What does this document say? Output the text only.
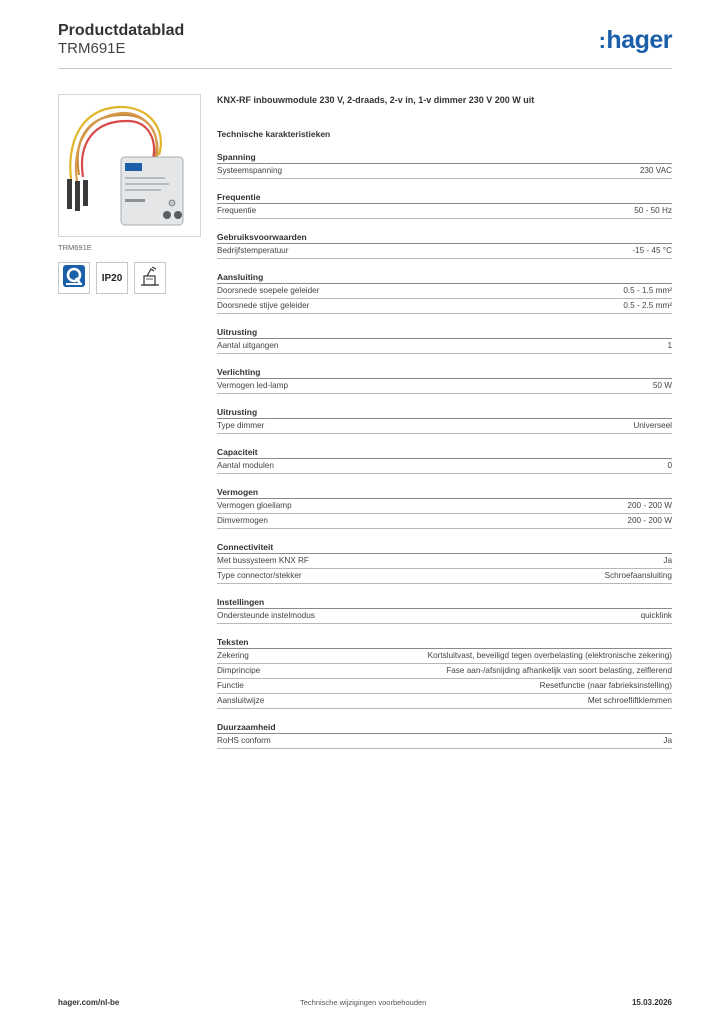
Productdatablad
TRM691E	:hager
TRM691E
IP20
KNX-RF inbouwmodule 230 V, 2-draads, 2-v in, 1-v dimmer 230 V 200 W uit
Technische karakteristieken
Spanning
Systeemspanning	230 VAC
Frequentie
Frequentie	50 - 50 Hz
Gebruiksvoorwaarden
Bedrijfstemperatuur	-15 - 45 °C
Aansluiting
Doorsnede soepele geleider	0.5 - 1.5 mm²
Doorsnede stijve geleider	0.5 - 2.5 mm²
Uitrusting
Aantal uitgangen	1
Verlichting
Vermogen led-lamp	50 W
Uitrusting
Type dimmer	Universeel
Capaciteit
Aantal modulen	0
Vermogen
Vermogen gloeilamp	200 - 200 W
Dimvermogen	200 - 200 W
Connectiviteit
Met bussysteem KNX RF	Ja
Type connector/stekker	Schroefaansluiting
Instellingen
Ondersteunde instelmodus	quicklink
Teksten
Zekering	Kortsluitvast, beveiligd tegen overbelasting (elektronische zekering)
Dimprincipe	Fase aan-/afsnijding afhankelijk van soort belasting, zelflerend
Functie	Resetfunctie (naar fabrieksinstelling)
Aansluitwijze	Met schroefliftklemmen
Duurzaamheid
RoHS conform	Ja
hager.com/nl-be	Technische wijzigingen voorbehouden	15.03.2026
